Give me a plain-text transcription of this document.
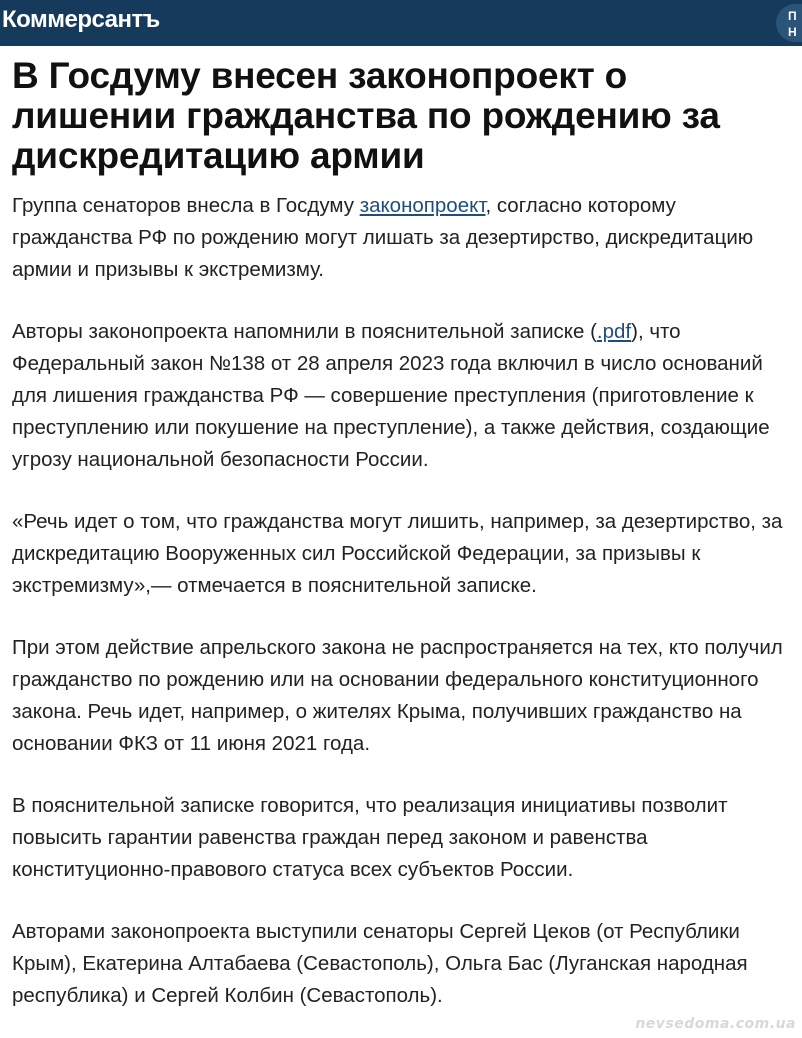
Коммерсантъ	П
Н
В Госдуму внесен законопроект о лишении гражданства по рождению за дискредитацию армии

Группа сенаторов внесла в Госдуму законопроект, согласно которому гражданства РФ по рождению могут лишать за дезертирство, дискредитацию армии и призывы к экстремизму.

Авторы законопроекта напомнили в пояснительной записке (.pdf), что Федеральный закон №138 от 28 апреля 2023 года включил в число оснований для лишения гражданства РФ — совершение преступления (приготовление к преступлению или покушение на преступление), а также действия, создающие угрозу национальной безопасности России.

«Речь идет о том, что гражданства могут лишить, например, за дезертирство, за дискредитацию Вооруженных сил Российской Федерации, за призывы к экстремизму»,— отмечается в пояснительной записке.

При этом действие апрельского закона не распространяется на тех, кто получил гражданство по рождению или на основании федерального конституционного закона. Речь идет, например, о жителях Крыма, получивших гражданство на основании ФКЗ от 11 июня 2021 года.

В пояснительной записке говорится, что реализация инициативы позволит повысить гарантии равенства граждан перед законом и равенства конституционно-правового статуса всех субъектов России.

Авторами законопроекта выступили сенаторы Сергей Цеков (от Республики Крым), Екатерина Алтабаева (Севастополь), Ольга Бас (Луганская народная республика) и Сергей Колбин (Севастополь).

nevsedoma.com.ua
